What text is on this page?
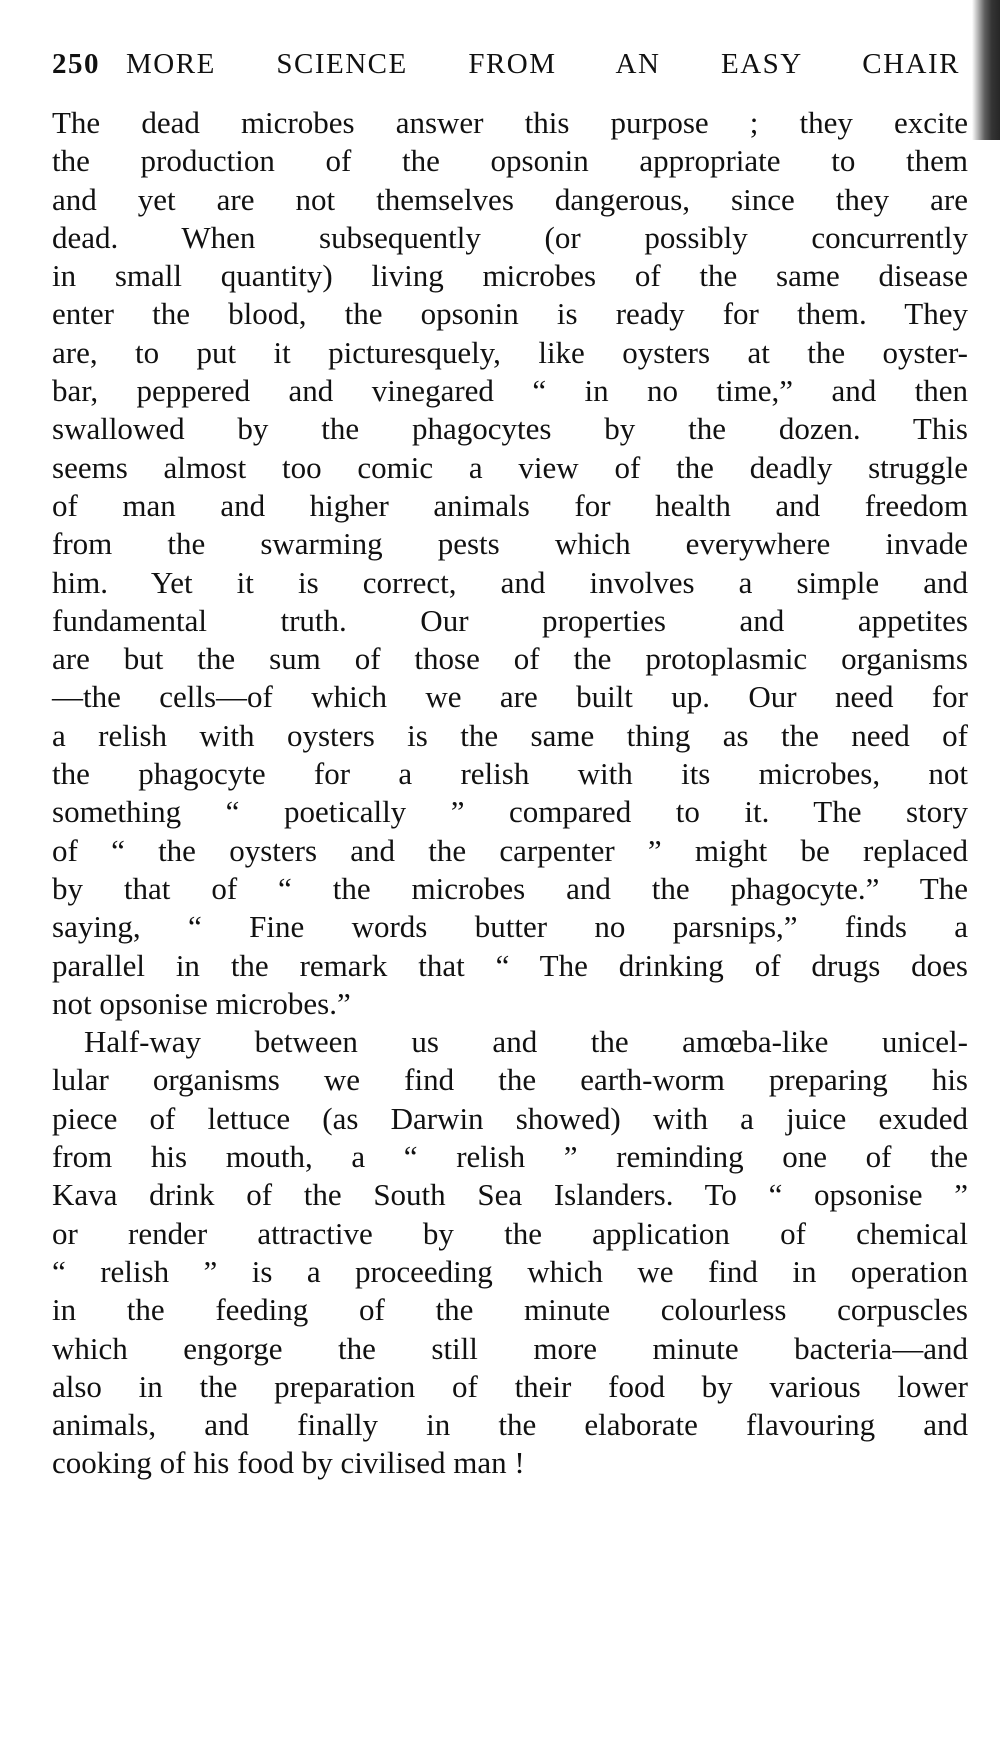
250 MORE SCIENCE FROM AN EASY CHAIR
The dead microbes answer this purpose ; they excite
the production of the opsonin appropriate to them
and yet are not themselves dangerous, since they are
dead. When subsequently (or possibly concurrently
in small quantity) living microbes of the same disease
enter the blood, the opsonin is ready for them. They
are, to put it picturesquely, like oysters at the oyster-
bar, peppered and vinegared “ in no time,” and then
swallowed by the phagocytes by the dozen. This
seems almost too comic a view of the deadly struggle
of man and higher animals for health and freedom
from the swarming pests which everywhere invade
him. Yet it is correct, and involves a simple and
fundamental truth. Our properties and appetites
are but the sum of those of the protoplasmic organisms
—the cells—of which we are built up. Our need for
a relish with oysters is the same thing as the need of
the phagocyte for a relish with its microbes, not
something “ poetically ” compared to it. The story
of “ the oysters and the carpenter ” might be replaced
by that of “ the microbes and the phagocyte.” The
saying, “ Fine words butter no parsnips,” finds a
parallel in the remark that “ The drinking of drugs does
not opsonise microbes.”
Half-way between us and the amœba-like unicel-
lular organisms we find the earth-worm preparing his
piece of lettuce (as Darwin showed) with a juice exuded
from his mouth, a “ relish ” reminding one of the
Kava drink of the South Sea Islanders. To “ opsonise ”
or render attractive by the application of chemical
“ relish ” is a proceeding which we find in operation
in the feeding of the minute colourless corpuscles
which engorge the still more minute bacteria—and
also in the preparation of their food by various lower
animals, and finally in the elaborate flavouring and
cooking of his food by civilised man !
